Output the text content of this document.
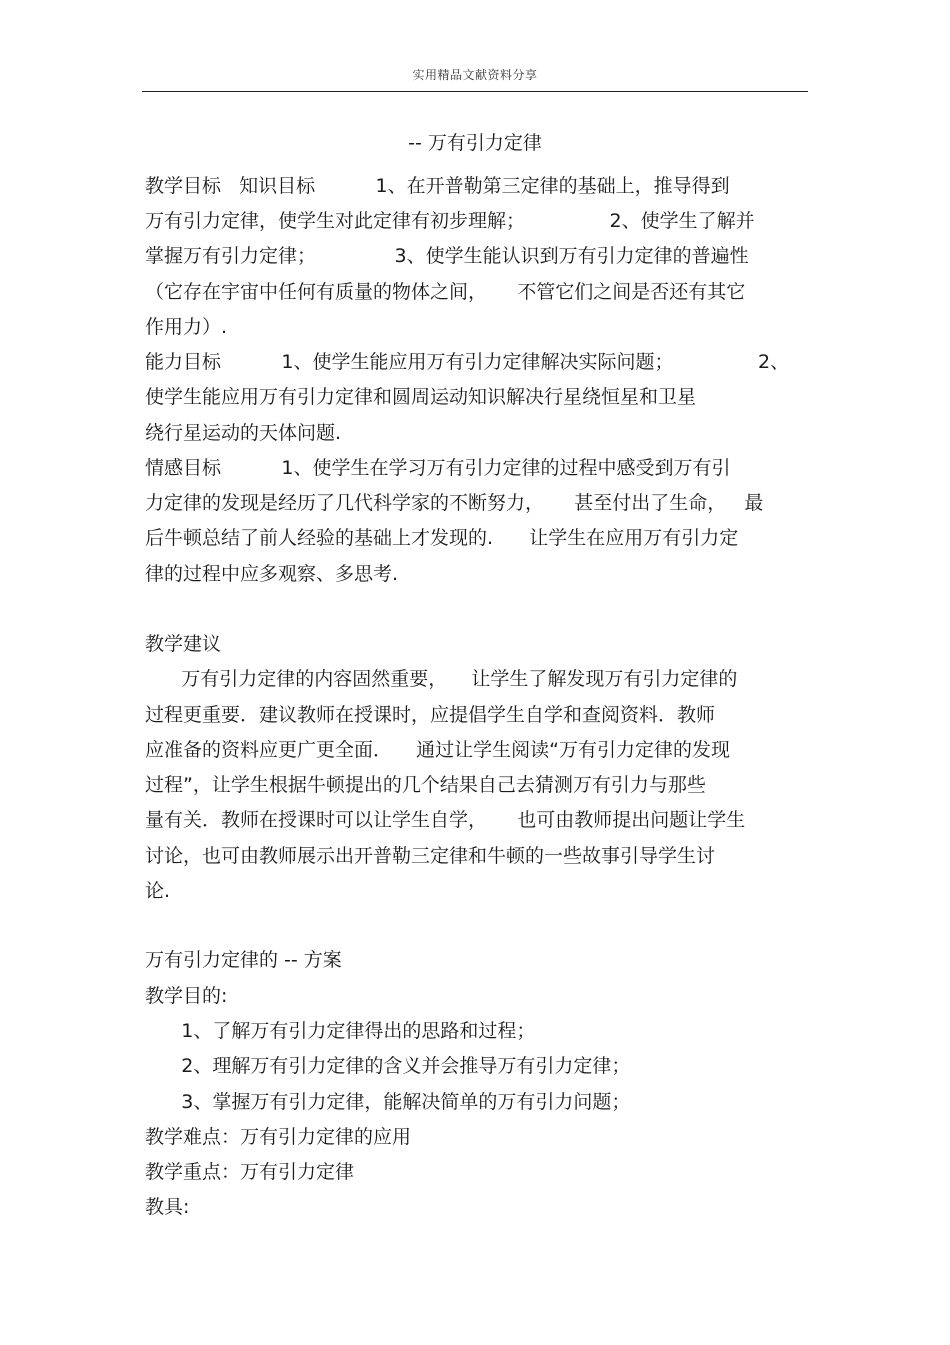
实用精品文献资料分享
-- 万有引力定律
教学目标   知识目标          1、在开普勒第三定律的基础上，推导得到
万有引力定律，使学生对此定律有初步理解；              2、使学生了解并
掌握万有引力定律；             3、使学生能认识到万有引力定律的普遍性
（它存在宇宙中任何有质量的物体之间，     不管它们之间是否还有其它
作用力）.
能力目标          1、使学生能应用万有引力定律解决实际问题；              2、
使学生能应用万有引力定律和圆周运动知识解决行星绕恒星和卫星
绕行星运动的天体问题.
情感目标          1、使学生在学习万有引力定律的过程中感受到万有引
力定律的发现是经历了几代科学家的不断努力，     甚至付出了生命，   最
后牛顿总结了前人经验的基础上才发现的.      让学生在应用万有引力定
律的过程中应多观察、多思考.
教学建议
万有引力定律的内容固然重要，    让学生了解发现万有引力定律的
过程更重要．建议教师在授课时，应提倡学生自学和查阅资料．教师
应准备的资料应更广更全面．    通过让学生阅读“万有引力定律的发现
过程”，让学生根据牛顿提出的几个结果自己去猜测万有引力与那些
量有关．教师在授课时可以让学生自学，     也可由教师提出问题让学生
讨论，也可由教师展示出开普勒三定律和牛顿的一些故事引导学生讨
论.
万有引力定律的 -- 方案
教学目的:
1、了解万有引力定律得出的思路和过程；
2、理解万有引力定律的含义并会推导万有引力定律；
3、掌握万有引力定律，能解决简单的万有引力问题；
教学难点：万有引力定律的应用
教学重点：万有引力定律
教具:
